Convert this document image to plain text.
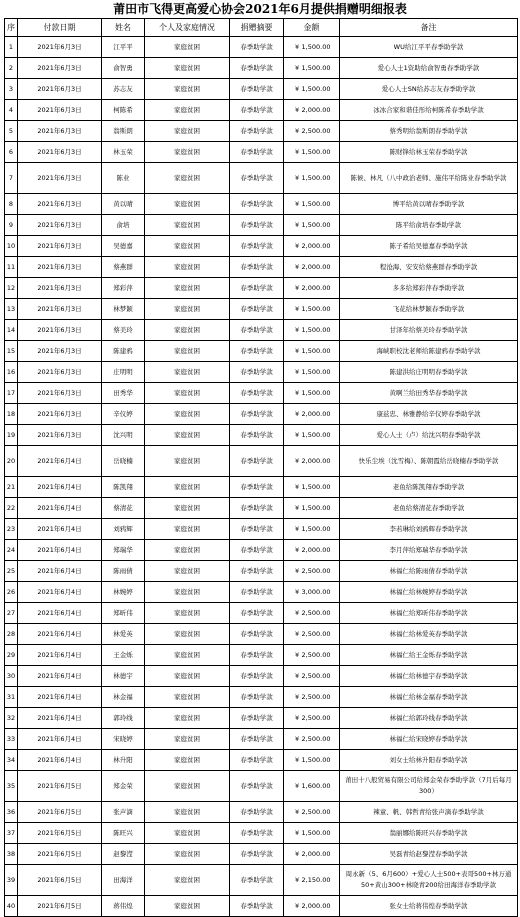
莆田市飞得更高爱心协会2021年6月提供捐赠明细报表
序	付款日期	姓名	个人及家庭情况	捐赠摘要	金额	备注
1	2021年6月3日	江平平	家庭贫困	春季助学款	¥ 1,500.00	WU给江平平春季助学款
2	2021年6月3日	俞智勇	家庭贫困	春季助学款	¥ 1,500.00	爱心人士1资助给俞智勇春季助学款
3	2021年6月3日	苏志友	家庭贫困	春季助学款	¥ 1,500.00	爱心人士SN给苏志友春季助学款
4	2021年6月3日	柯陈希	家庭贫困	春季助学款	¥ 2,000.00	冰冰合家和谐佳彤给柯陈希春季助学款
5	2021年6月3日	翁斯朗	家庭贫困	春季助学款	¥ 2,500.00	蔡秀明给翁斯朗春季助学款
6	2021年6月3日	林玉荣	家庭贫困	春季助学款	¥ 1,500.00	陈财锋给林玉荣春季助学款
7	2021年6月3日	陈业	家庭贫困	春季助学款	¥ 1,500.00	陈候、林凡（八中政治老师、施伟平给陈业春季助学款
8	2021年6月3日	黄以晴	家庭贫困	春季助学款	¥ 1,500.00	博平给黄以晴春季助学款
9	2021年6月3日	俞培	家庭贫困	春季助学款	¥ 1,500.00	陈平给俞培春季助学款
10	2021年6月3日	吴德嘉	家庭贫困	春季助学款	¥ 2,000.00	陈子希给吴德嘉春季助学款
11	2021年6月3日	蔡燕群	家庭贫困	春季助学款	¥ 2,000.00	程沧海、安安给蔡燕群春季助学款
12	2021年6月3日	郑彩萍	家庭贫困	春季助学款	¥ 2,000.00	多多给郑彩萍春季助学款
13	2021年6月3日	林梦颖	家庭贫困	春季助学款	¥ 1,500.00	飞花给林梦颖春季助学款
14	2021年6月3日	蔡美玲	家庭贫困	春季助学款	¥ 1,500.00	甘泽年给蔡美玲春季助学款
15	2021年6月3日	陈建鸦	家庭贫困	春季助学款	¥ 1,500.00	海峡职校沈老师给陈建鸦春季助学款
16	2021年6月3日	庄明明	家庭贫困	春季助学款	¥ 1,500.00	陈建洪给庄明明春季助学款
17	2021年6月3日	田秀华	家庭贫困	春季助学款	¥ 1,500.00	黄啊兰给田秀华春季助学款
18	2021年6月3日	辛仪婷	家庭贫困	春季助学款	¥ 2,000.00	康兹忠、林雅静给辛仪婷春季助学款
19	2021年6月3日	沈兴明	家庭贫困	春季助学款	¥ 1,500.00	爱心人士（卢）给沈兴明春季助学款
20	2021年6月4日	岳晓楠	家庭贫困	春季助学款	¥ 2,000.00	快乐尘埃（沈雪梅）、陈朝霞给岳晓楠春季助学款
21	2021年6月4日	陈凯翔	家庭贫困	春季助学款	¥ 1,500.00	老鱼给陈凯翔春季助学款
22	2021年6月4日	蔡清花	家庭贫困	春季助学款	¥ 1,500.00	老鱼给蔡清花春季助学款
23	2021年6月4日	刘鸦辉	家庭贫困	春季助学款	¥ 1,500.00	李若琳给刘鸦辉春季助学款
24	2021年6月4日	郑瑞华	家庭贫困	春季助学款	¥ 2,000.00	李月萍给郑瑞华春季助学款
25	2021年6月4日	陈雨倩	家庭贫困	春季助学款	¥ 2,500.00	林福仁给陈雨倩春季助学款
26	2021年6月4日	林婉婷	家庭贫困	春季助学款	¥ 3,000.00	林福仁给林婉婷春季助学款
27	2021年6月4日	郑昕伟	家庭贫困	春季助学款	¥ 2,500.00	林福仁给郑昕伟春季助学款
28	2021年6月4日	林爱英	家庭贫困	春季助学款	¥ 2,500.00	林福仁给林爱英春季助学款
29	2021年6月4日	王金烁	家庭贫困	春季助学款	¥ 2,500.00	林福仁给王金烁春季助学款
30	2021年6月4日	林德宇	家庭贫困	春季助学款	¥ 2,500.00	林福仁给林德宇春季助学款
31	2021年6月4日	林金福	家庭贫困	春季助学款	¥ 2,500.00	林福仁给林金福春季助学款
32	2021年6月4日	郭玲线	家庭贫困	春季助学款	¥ 2,500.00	林福仁给郭玲线春季助学款
33	2021年6月4日	宋晓婷	家庭贫困	春季助学款	¥ 2,500.00	林福仁给宋晓婷春季助学款
34	2021年6月4日	林升阳	家庭贫困	春季助学款	¥ 1,500.00	刘女士给林升阳春季助学款
35	2021年6月5日	郑金荣	家庭贫困	春季助学款	¥ 1,600.00	莆田十八般贸易有限公司给郑金荣春季助学款（7月后每月300）
36	2021年6月5日	张声滴	家庭贫困	春季助学款	¥ 2,500.00	辣童、帆、韩哲青给张声滴春季助学款
37	2021年6月5日	陈旺兴	家庭贫困	春季助学款	¥ 1,500.00	翁丽娜给陈旺兴春季助学款
38	2021年6月5日	赵黎滢	家庭贫困	春季助学款	¥ 2,000.00	吴磊青给赵黎滢春季助学款
39	2021年6月5日	田海洋	家庭贫困	春季助学款	¥ 2,150.00	周永新（5、6月600）+爱心人士500+表哥500+林万通50+黄山300+林晓青200给田海洋春季助学款
40	2021年6月5日	蒋伟煌	家庭贫困	春季助学款	¥ 2,000.00	张女士给蒋伟煌春季助学款
